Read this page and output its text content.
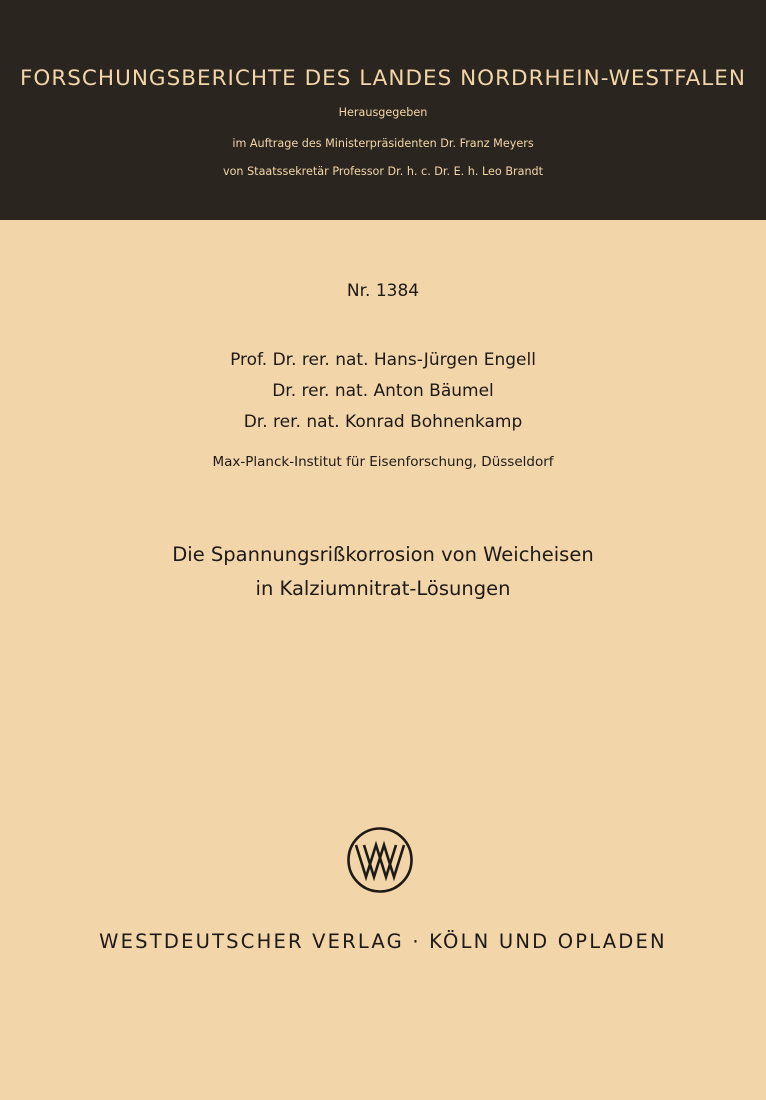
FORSCHUNGSBERICHTE DES LANDES NORDRHEIN-WESTFALEN
Herausgegeben
im Auftrage des Ministerpräsidenten Dr. Franz Meyers
von Staatssekretär Professor Dr. h. c. Dr. E. h. Leo Brandt
Nr. 1384
Prof. Dr. rer. nat. Hans-Jürgen Engell
Dr. rer. nat. Anton Bäumel
Dr. rer. nat. Konrad Bohnenkamp
Max-Planck-Institut für Eisenforschung, Düsseldorf
Die Spannungsrißkorrosion von Weicheisen
in Kalziumnitrat-Lösungen
WESTDEUTSCHER VERLAG · KÖLN UND OPLADEN
